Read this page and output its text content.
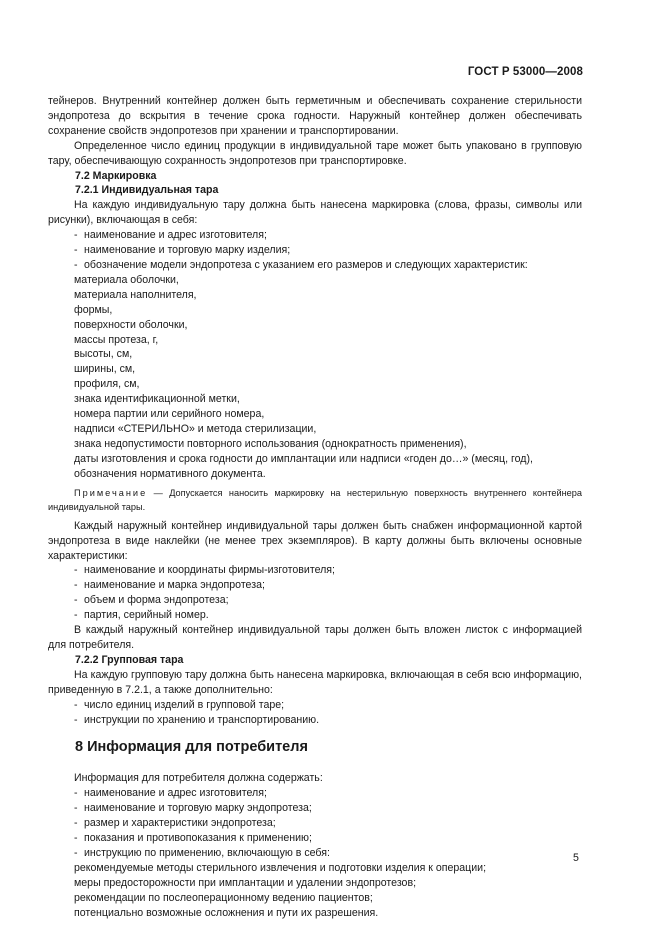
ГОСТ Р 53000—2008

тейнеров. Внутренний контейнер должен быть герметичным и обеспечивать сохранение стерильности эндопротеза до вскрытия в течение срока годности. Наружный контейнер должен обеспечивать сохранение свойств эндопротезов при хранении и транспортировании.

Определенное число единиц продукции в индивидуальной таре может быть упаковано в групповую тару, обеспечивающую сохранность эндопротезов при транспортировке.

7.2 Маркировка
7.2.1 Индивидуальная тара

На каждую индивидуальную тару должна быть нанесена маркировка (слова, фразы, символы или рисунки), включающая в себя:

- наименование и адрес изготовителя;
- наименование и торговую марку изделия;
- обозначение модели эндопротеза с указанием его размеров и следующих характеристик:
материала оболочки,
материала наполнителя,
формы,
поверхности оболочки,
массы протеза, г,
высоты, см,
ширины, см,
профиля, см,
знака идентификационной метки,
номера партии или серийного номера,
надписи «СТЕРИЛЬНО» и метода стерилизации,
знака недопустимости повторного использования (однократность применения),
даты изготовления и срока годности до имплантации или надписи «годен до…» (месяц, год),
обозначения нормативного документа.
Примечание — Допускается наносить маркировку на нестерильную поверхность внутреннего контейнера индивидуальной тары.

Каждый наружный контейнер индивидуальной тары должен быть снабжен информационной картой эндопротеза в виде наклейки (не менее трех экземпляров). В карту должны быть включены основные характеристики:

- наименование и координаты фирмы-изготовителя;
- наименование и марка эндопротеза;
- объем и форма эндопротеза;
- партия, серийный номер.

В каждый наружный контейнер индивидуальной тары должен быть вложен листок с информацией для потребителя.

7.2.2 Групповая тара

На каждую групповую тару должна быть нанесена маркировка, включающая в себя всю информацию, приведенную в 7.2.1, а также дополнительно:

- число единиц изделий в групповой таре;
- инструкции по хранению и транспортированию.
8 Информация для потребителя

Информация для потребителя должна содержать:

- наименование и адрес изготовителя;
- наименование и торговую марку эндопротеза;
- размер и характеристики эндопротеза;
- показания и противопоказания к применению;
- инструкцию по применению, включающую в себя:
рекомендуемые методы стерильного извлечения и подготовки изделия к операции;
меры предосторожности при имплантации и удалении эндопротезов;
рекомендации по послеоперационному ведению пациентов;
потенциально возможные осложнения и пути их разрешения.
5
